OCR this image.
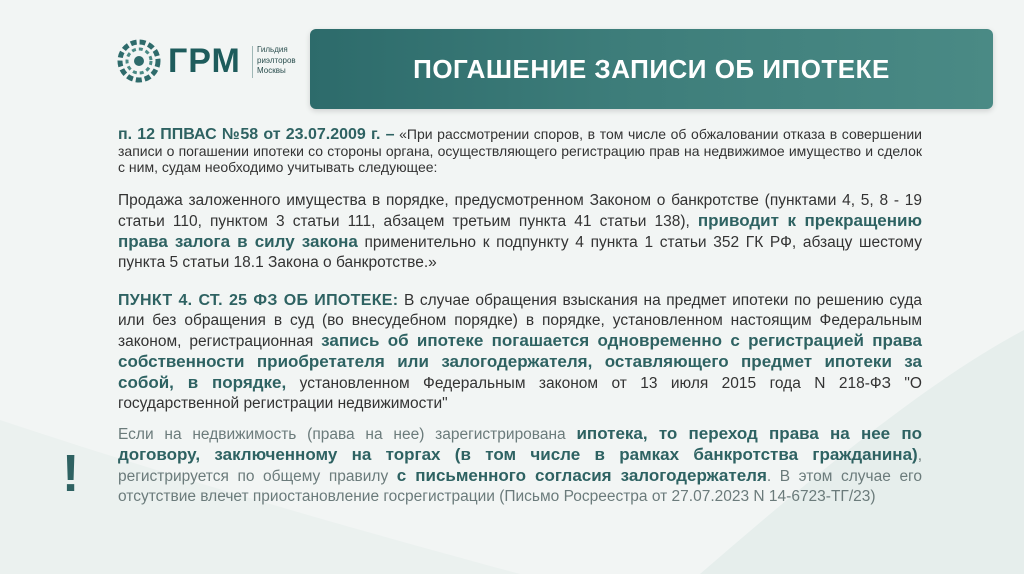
ГРМ Гильдия
риэлторов
Москвы	ПОГАШЕНИЕ ЗАПИСИ ОБ ИПОТЕКЕ

п. 12 ППВАС №58 от 23.07.2009 г. – «При рассмотрении споров, в том числе об обжаловании отказа в совершении записи о погашении ипотеки со стороны органа, осуществляющего регистрацию прав на недвижимое имущество и сделок с ним, судам необходимо учитывать следующее:

Продажа заложенного имущества в порядке, предусмотренном Законом о банкротстве (пунктами 4, 5, 8 - 19 статьи 110, пунктом 3 статьи 111, абзацем третьим пункта 41 статьи 138), приводит к прекращению права залога в силу закона применительно к подпункту 4 пункта 1 статьи 352 ГК РФ, абзацу шестому пункта 5 статьи 18.1 Закона о банкротстве.»

ПУНКТ 4. СТ. 25 ФЗ ОБ ИПОТЕКЕ: В случае обращения взыскания на предмет ипотеки по решению суда или без обращения в суд (во внесудебном порядке) в порядке, установленном настоящим Федеральным законом, регистрационная запись об ипотеке погашается одновременно с регистрацией права собственности приобретателя или залогодержателя, оставляющего предмет ипотеки за собой, в порядке, установленном Федеральным законом от 13 июля 2015 года N 218-ФЗ "О государственной регистрации недвижимости"

Если на недвижимость (права на нее) зарегистрирована ипотека, то переход права на нее по договору, заключенному на торгах (в том числе в рамках банкротства гражданина), регистрируется по общему правилу с письменного согласия залогодержателя. В этом случае его отсутствие влечет приостановление госрегистрации (Письмо Росреестра от 27.07.2023 N 14-6723-ТГ/23)

!
